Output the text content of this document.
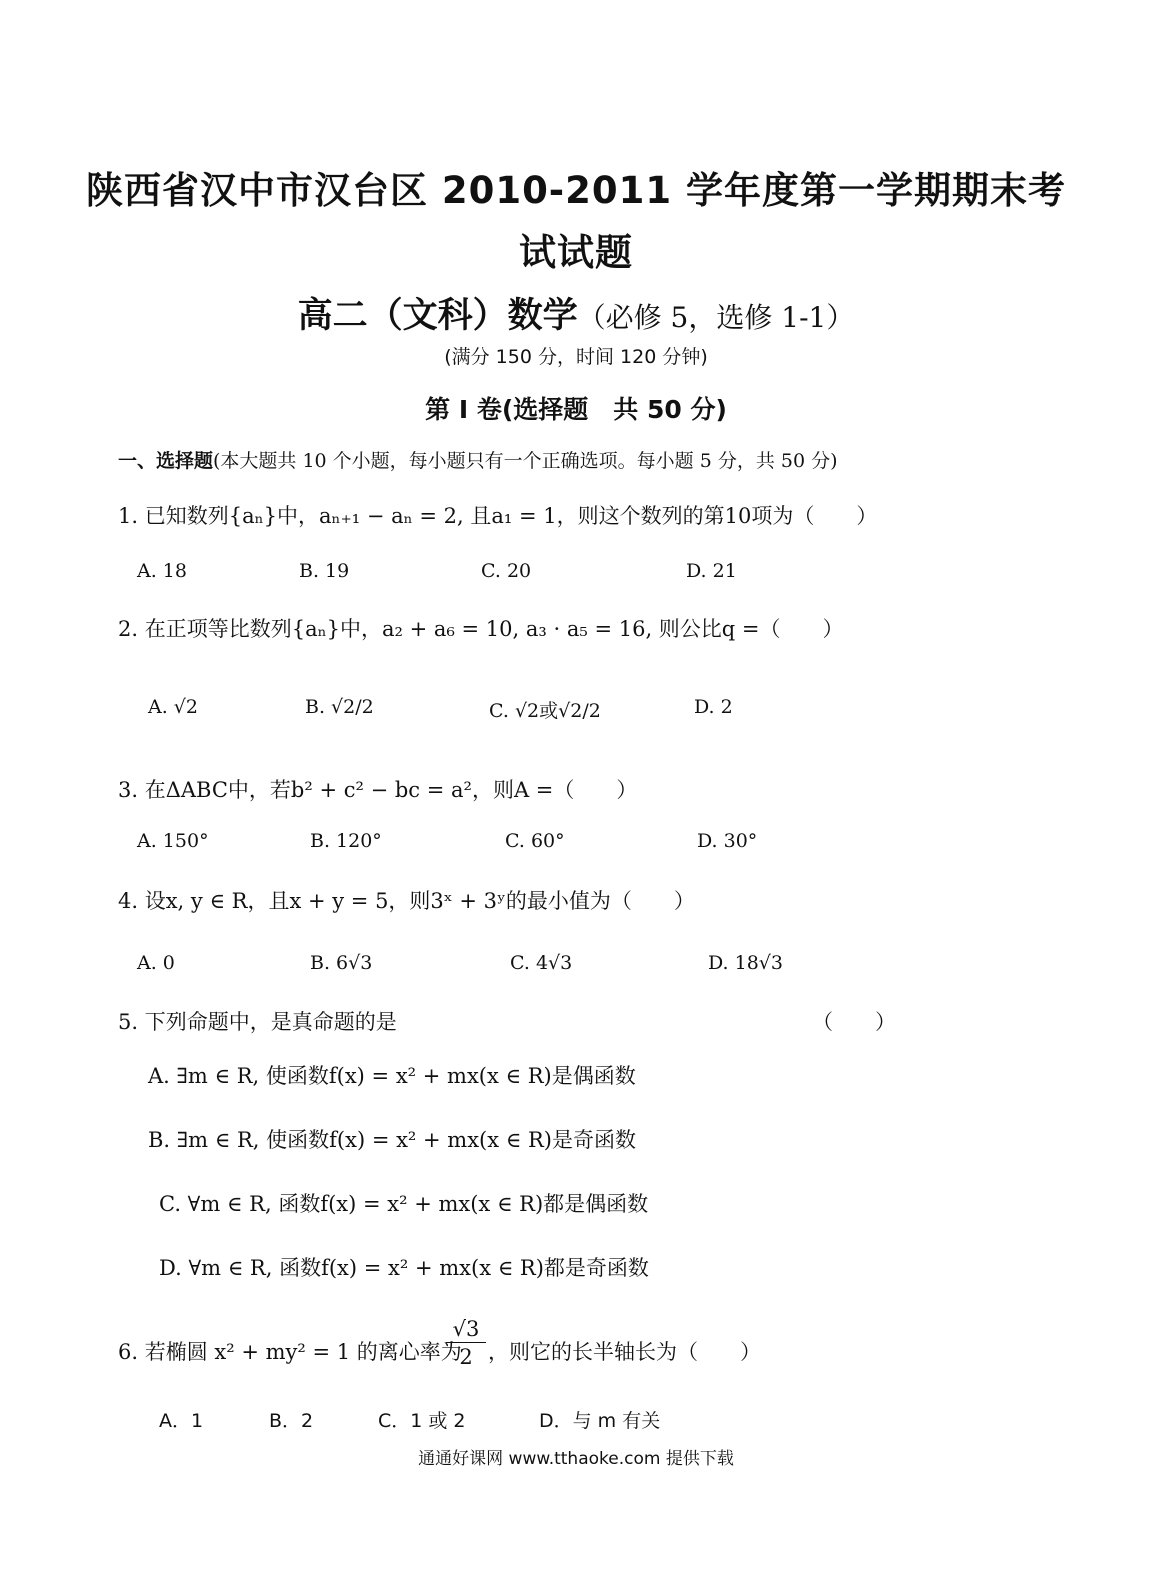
陕西省汉中市汉台区 2010-2011 学年度第一学期期末考
试试题
高二（文科）数学（必修 5，选修 1-1）
(满分 150 分，时间 120 分钟)
第 I 卷(选择题　共 50 分)
一、选择题(本大题共 10 个小题，每小题只有一个正确选项。每小题 5 分，共 50 分)
1. 已知数列{aₙ}中，aₙ₊₁ − aₙ = 2, 且a₁ = 1，则这个数列的第10项为（　　）
A. 18	B. 19	C. 20	D. 21
2. 在正项等比数列{aₙ}中，a₂ + a₆ = 10, a₃ · a₅ = 16, 则公比q =（　　）
A. √2	B. √2/2	C. √2或√2/2	D. 2
3. 在ΔABC中，若b² + c² − bc = a²，则A =（　　）
A. 150°	B. 120°	C. 60°	D. 30°
4. 设x, y ∈ R，且x + y = 5，则3ˣ + 3ʸ的最小值为（　　）
A. 0	B. 6√3	C. 4√3	D. 18√3
5. 下列命题中，是真命题的是	（　　）
A. ∃m ∈ R, 使函数f(x) = x² + mx(x ∈ R)是偶函数
B. ∃m ∈ R, 使函数f(x) = x² + mx(x ∈ R)是奇函数
C. ∀m ∈ R, 函数f(x) = x² + mx(x ∈ R)都是偶函数
D. ∀m ∈ R, 函数f(x) = x² + mx(x ∈ R)都是奇函数
6. 若椭圆 x² + my² = 1 的离心率为
$\frac{√3}{2}$ ，则它的长半轴长为（　　）
A．1	B．2	C．1 或 2	D．与 m 有关
通通好课网 www.tthaoke.com 提供下载
